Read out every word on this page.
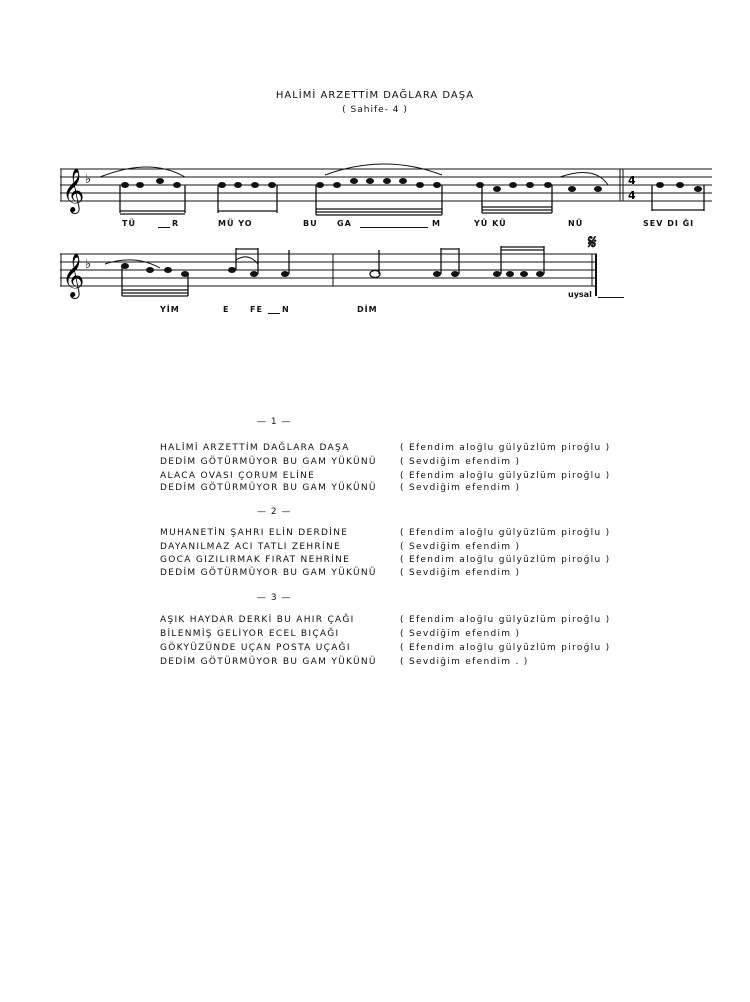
HALİMİ ARZETTİM DAĞLARA DAŞA
( Sahife- 4 )
𝄞 ♭	4
4
TÜ	R	MÜ YO	BU GA	M	YÜ KÜ	NÜ	SEV DI ĞI
𝄋
𝄞 ♭
uysal
YİM	E	FE N	DİM
— 1 —
HALİMİ ARZETTİM DAĞLARA DAŞA	( Efendim aloğlu gülyüzlüm piroğlu )
DEDİM GÖTÜRMÜYOR BU GAM YÜKÜNÜ	( Sevdiğim efendim )
ALACA OVASI ÇORUM ELİNE	( Efendim aloğlu gülyüzlüm piroğlu )
DEDİM GÖTÜRMÜYOR BU GAM YÜKÜNÜ	( Sevdiğim efendim )
— 2 —
MUHANETİN ŞAHRI ELİN DERDİNE	( Efendim aloğlu gülyüzlüm piroğlu )
DAYANILMAZ ACI TATLI ZEHRİNE	( Sevdiğim efendim )
GOCA GIZILIRMAK FIRAT NEHRİNE	( Efendim aloğlu gülyüzlüm piroğlu )
DEDİM GÖTÜRMÜYOR BU GAM YÜKÜNÜ	( Sevdiğim efendim )
— 3 —
AŞIK HAYDAR DERKİ BU AHIR ÇAĞI	( Efendim aloğlu gülyüzlüm piroğlu )
BİLENMİŞ GELİYOR ECEL BIÇAĞI	( Sevdiğim efendim )
GÖKYÜZÜNDE UÇAN POSTA UÇAĞI	( Efendim aloğlu gülyüzlüm piroğlu )
DEDİM GÖTÜRMÜYOR BU GAM YÜKÜNÜ	( Sevdiğim efendim . )
